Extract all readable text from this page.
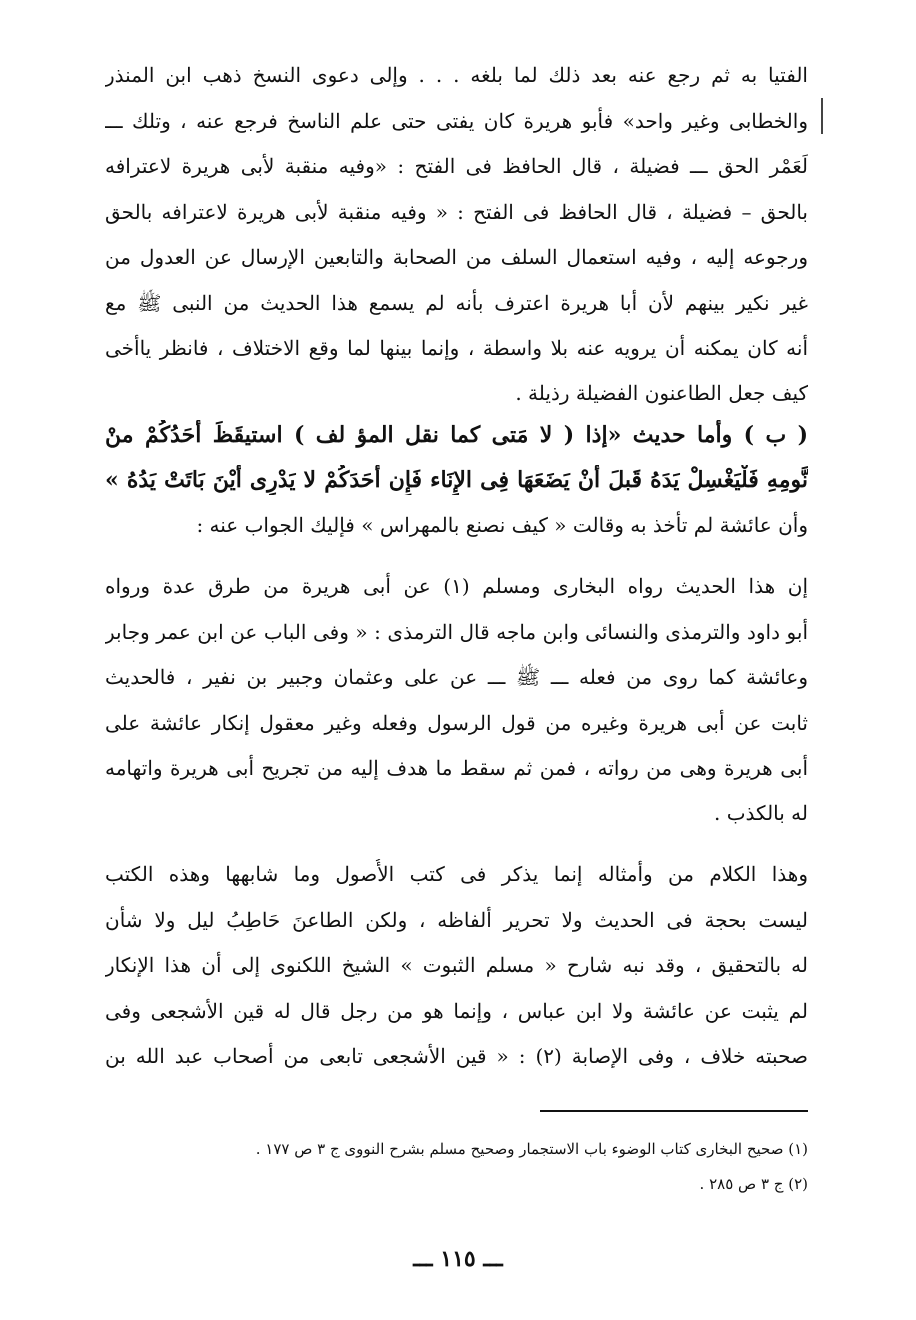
الفتيا به ثم رجع عنه بعد ذلك لما بلغه . . . وإلى دعوى النسخ ذهب ابن المنذر
والخطابى وغير واحد» فأبو هريرة كان يفتى حتى علم الناسخ فرجع عنه ، وتلك ـــ
لَعَمْر الحق ـــ فضيلة ، قال الحافظ فى الفتح : «وفيه منقبة لأبى هريرة لاعترافه
بالحق – فضيلة ، قال الحافظ فى الفتح : « وفيه منقبة لأبى هريرة لاعترافه بالحق
ورجوعه إليه ، وفيه استعمال السلف من الصحابة والتابعين الإرسال عن العدول من
غير نكير بينهم لأن أبا هريرة اعترف بأنه لم يسمع هذا الحديث من النبى ﷺ مع
أنه كان يمكنه أن يرويه عنه بلا واسطة ، وإنما بينها لما وقع الاختلاف ، فانظر ياأخى
كيف جعل الطاعنون الفضيلة رذيلة .
( ب ) وأما حديث «إذا ( لا مَتى كما نقل المؤ لف ) استيقَظَ أحَدُكُمْ منْ
نَّومِهِ فَلْيَغْسِلْ يَدَهُ قَبلَ أنْ يَضَعَهَا فِى الإِنَاء فَإِن أحَدَكُمْ لا يَدْرِى أَيْنَ بَاتَتْ يَدُهُ »
وأن عائشة لم تأخذ به وقالت « كيف نصنع بالمهراس » فإليك الجواب عنه :
إن هذا الحديث رواه البخارى ومسلم (١) عن أبى هريرة من طرق عدة ورواه
أبو داود والترمذى والنسائى وابن ماجه قال الترمذى : « وفى الباب عن ابن عمر وجابر
وعائشة كما روى من فعله ـــ ﷺ ـــ عن على وعثمان وجبير بن نفير ، فالحديث
ثابت عن أبى هريرة وغيره من قول الرسول وفعله وغير معقول إنكار عائشة على
أبى هريرة وهى من رواته ، فمن ثم سقط ما هدف إليه من تجريح أبى هريرة واتهامه
له بالكذب .
وهذا الكلام من وأمثاله إنما يذكر فى كتب الأُصول وما شابهها وهذه الكتب
ليست بحجة فى الحديث ولا تحرير ألفاظه ، ولكن الطاعنَ حَاطِبُ ليل ولا شأن
له بالتحقيق ، وقد نبه شارح « مسلم الثبوت » الشيخ اللكنوى إلى أن هذا الإنكار
لم يثبت عن عائشة ولا ابن عباس ، وإنما هو من رجل قال له قين الأشجعى وفى
صحبته خلاف ، وفى الإصابة (٢) : « قين الأشجعى تابعى من أصحاب عبد الله بن
(١) صحيح البخارى كتاب الوضوء باب الاستجمار وصحيح مسلم بشرح النووى ج ٣ ص ١٧٧ .
(٢) ج ٣ ص ٢٨٥ .
ـــ ١١٥ ـــ
